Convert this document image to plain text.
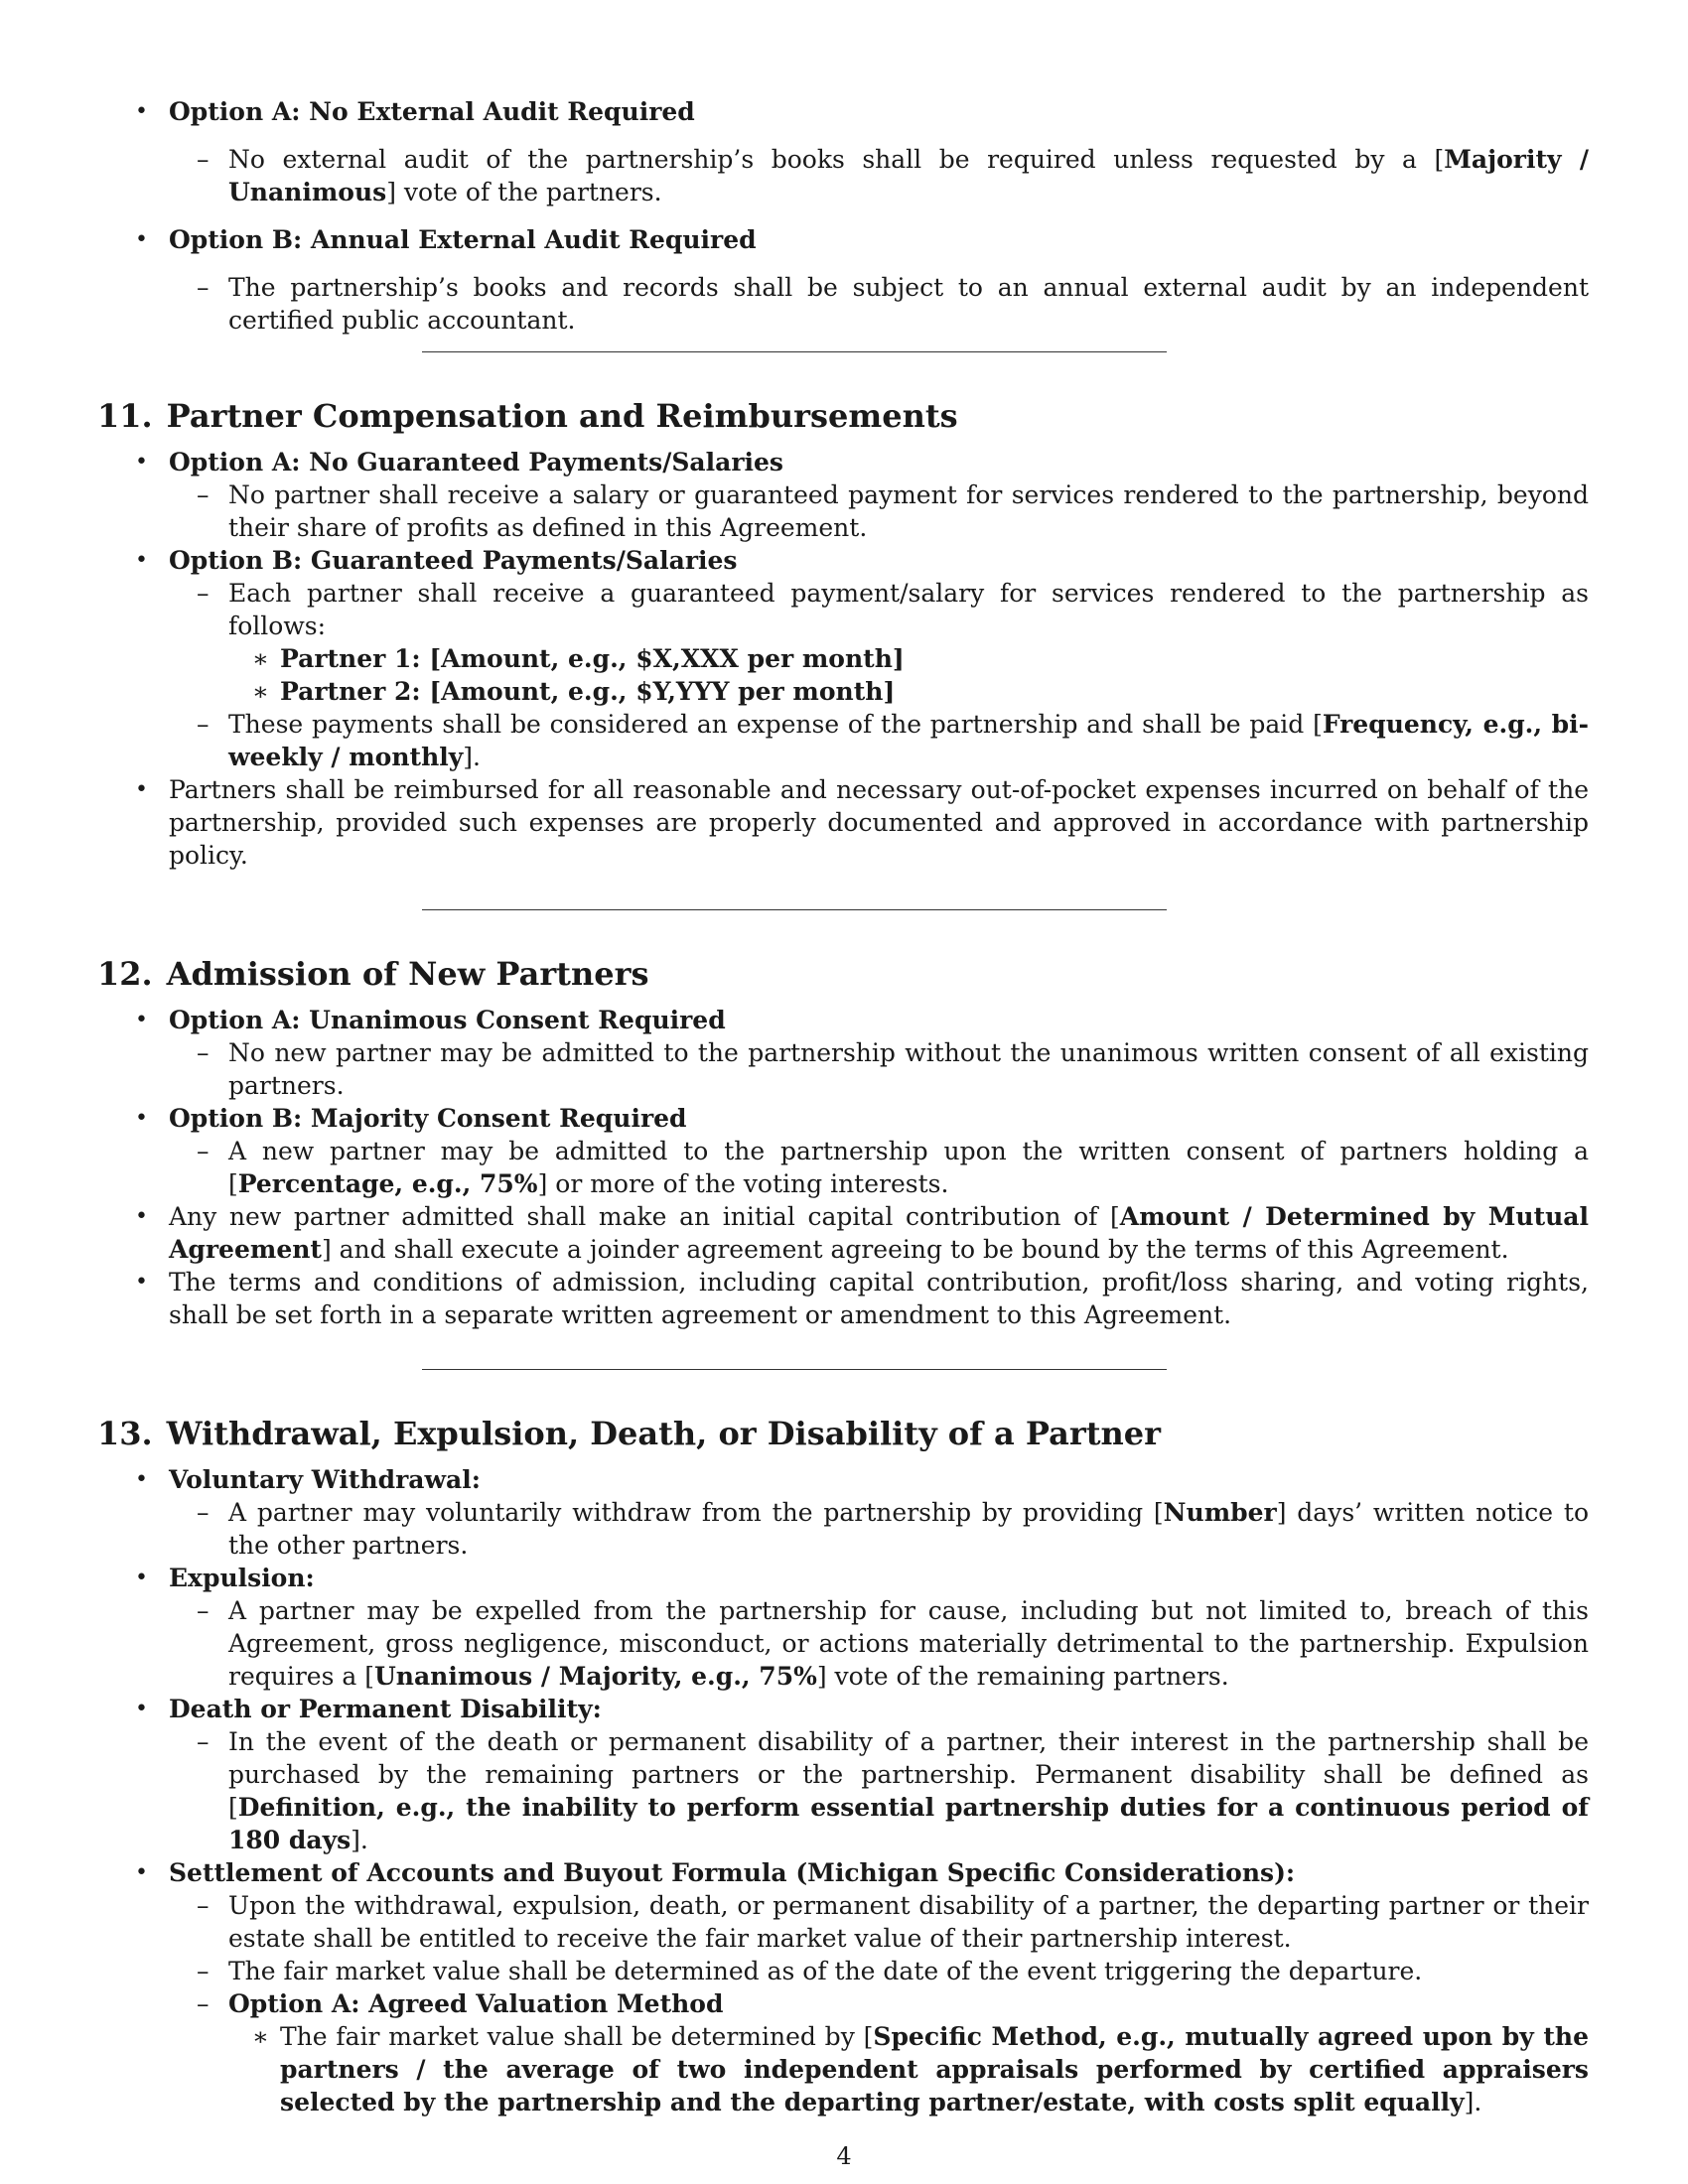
• Option A: No External Audit Required
– No external audit of the partnership’s books shall be required unless requested by a [Majority / Unanimous] vote of the partners.
• Option B: Annual External Audit Required
– The partnership’s books and records shall be subject to an annual external audit by an independent certified public accountant.
11. Partner Compensation and Reimbursements
• Option A: No Guaranteed Payments/Salaries
– No partner shall receive a salary or guaranteed payment for services rendered to the partnership, beyond their share of profits as defined in this Agreement.
• Option B: Guaranteed Payments/Salaries
– Each partner shall receive a guaranteed payment/salary for services rendered to the partnership as follows:
∗ Partner 1: [Amount, e.g., $X,XXX per month]
∗ Partner 2: [Amount, e.g., $Y,YYY per month]
– These payments shall be considered an expense of the partnership and shall be paid [Frequency, e.g., bi-weekly / monthly].
• Partners shall be reimbursed for all reasonable and necessary out-of-pocket expenses incurred on behalf of the partnership, provided such expenses are properly documented and approved in accordance with partnership policy.
12. Admission of New Partners
• Option A: Unanimous Consent Required
– No new partner may be admitted to the partnership without the unanimous written consent of all existing partners.
• Option B: Majority Consent Required
– A new partner may be admitted to the partnership upon the written consent of partners holding a [Percentage, e.g., 75%] or more of the voting interests.
• Any new partner admitted shall make an initial capital contribution of [Amount / Determined by Mutual Agreement] and shall execute a joinder agreement agreeing to be bound by the terms of this Agreement.
• The terms and conditions of admission, including capital contribution, profit/loss sharing, and voting rights, shall be set forth in a separate written agreement or amendment to this Agreement.
13. Withdrawal, Expulsion, Death, or Disability of a Partner
• Voluntary Withdrawal:
– A partner may voluntarily withdraw from the partnership by providing [Number] days’ written notice to the other partners.
• Expulsion:
– A partner may be expelled from the partnership for cause, including but not limited to, breach of this Agreement, gross negligence, misconduct, or actions materially detrimental to the partnership. Expulsion requires a [Unanimous / Majority, e.g., 75%] vote of the remaining partners.
• Death or Permanent Disability:
– In the event of the death or permanent disability of a partner, their interest in the partnership shall be purchased by the remaining partners or the partnership. Permanent disability shall be defined as [Definition, e.g., the inability to perform essential partnership duties for a continuous period of 180 days].
• Settlement of Accounts and Buyout Formula (Michigan Specific Considerations):
– Upon the withdrawal, expulsion, death, or permanent disability of a partner, the departing partner or their estate shall be entitled to receive the fair market value of their partnership interest.
– The fair market value shall be determined as of the date of the event triggering the departure.
– Option A: Agreed Valuation Method
∗ The fair market value shall be determined by [Specific Method, e.g., mutually agreed upon by the partners / the average of two independent appraisals performed by certified appraisers selected by the partnership and the departing partner/estate, with costs split equally].
4
